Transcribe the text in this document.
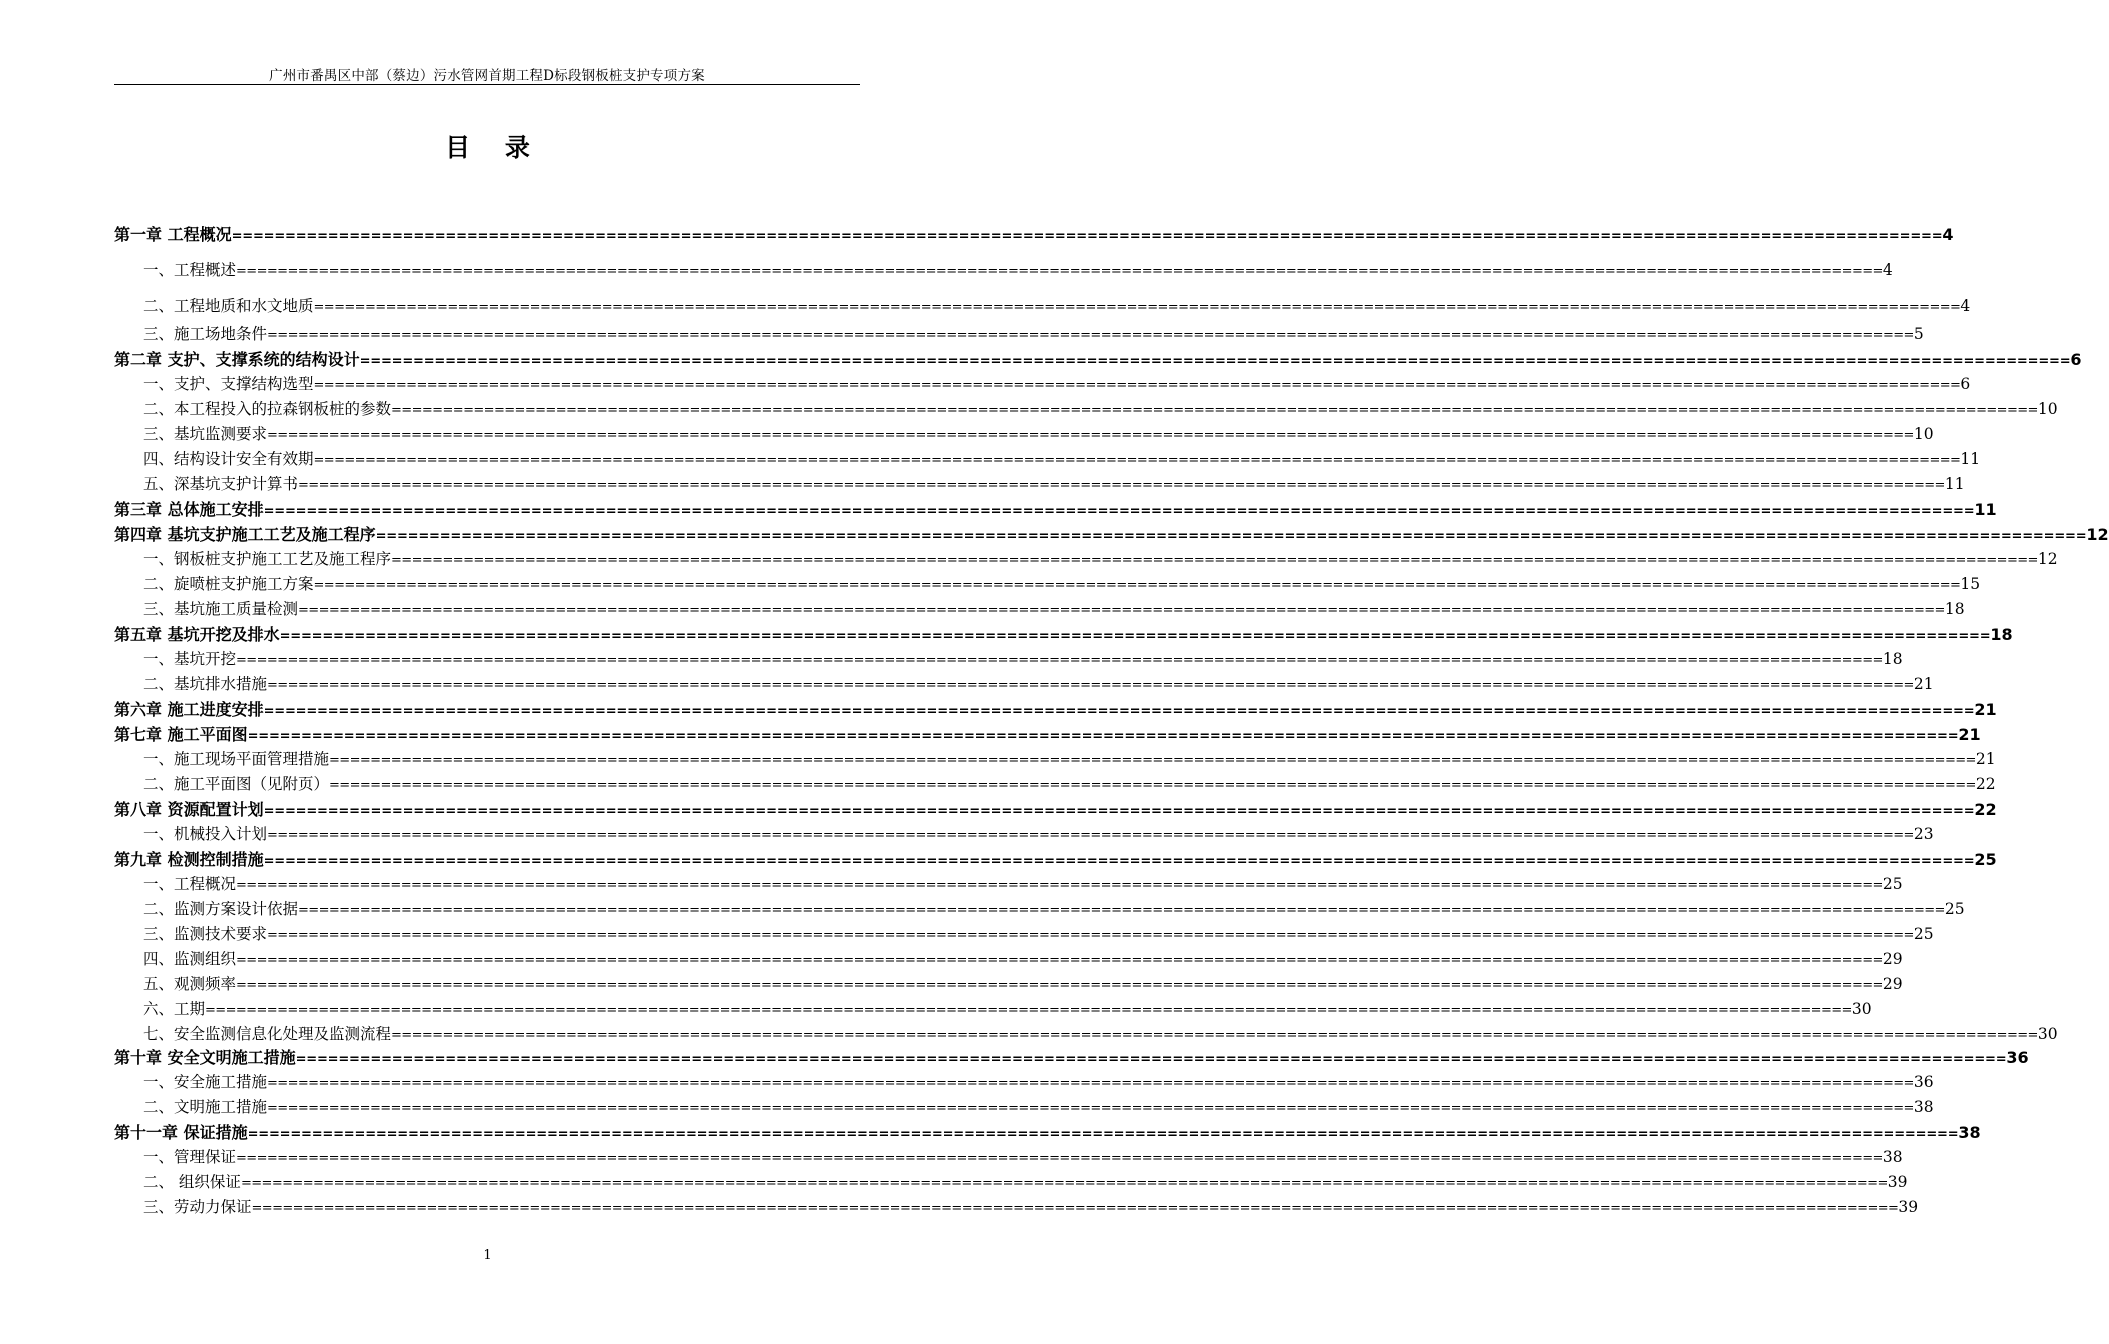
广州市番禺区中部（蔡边）污水管网首期工程D标段钢板桩支护专项方案
目 录
第一章 工程概况 ================================================================================================================================================================ 4
一、工程概述 ================================================================================================================================================================ 4
二、工程地质和水文地质 ================================================================================================================================================================ 4
三、施工场地条件 ================================================================================================================================================================ 5
第二章 支护、支撑系统的结构设计 ================================================================================================================================================================ 6
一、支护、支撑结构选型 ================================================================================================================================================================ 6
二、本工程投入的拉森钢板桩的参数 ================================================================================================================================================================ 10
三、基坑监测要求 ================================================================================================================================================================ 10
四、结构设计安全有效期 ================================================================================================================================================================ 11
五、深基坑支护计算书 ================================================================================================================================================================ 11
第三章 总体施工安排 ================================================================================================================================================================ 11
第四章 基坑支护施工工艺及施工程序 ================================================================================================================================================================ 12
一、钢板桩支护施工工艺及施工程序 ================================================================================================================================================================ 12
二、旋喷桩支护施工方案 ================================================================================================================================================================ 15
三、基坑施工质量检测 ================================================================================================================================================================ 18
第五章 基坑开挖及排水 ================================================================================================================================================================ 18
一、基坑开挖 ================================================================================================================================================================ 18
二、基坑排水措施 ================================================================================================================================================================ 21
第六章 施工进度安排 ================================================================================================================================================================ 21
第七章 施工平面图 ================================================================================================================================================================ 21
一、施工现场平面管理措施 ================================================================================================================================================================ 21
二、施工平面图（见附页） ================================================================================================================================================================ 22
第八章 资源配置计划 ================================================================================================================================================================ 22
一、机械投入计划 ================================================================================================================================================================ 23
第九章 检测控制措施 ================================================================================================================================================================ 25
一、工程概况 ================================================================================================================================================================ 25
二、监测方案设计依据 ================================================================================================================================================================ 25
三、监测技术要求 ================================================================================================================================================================ 25
四、监测组织 ================================================================================================================================================================ 29
五、观测频率 ================================================================================================================================================================ 29
六、工期 ================================================================================================================================================================ 30
七、安全监测信息化处理及监测流程 ================================================================================================================================================================ 30
第十章 安全文明施工措施 ================================================================================================================================================================ 36
一、安全施工措施 ================================================================================================================================================================ 36
二、文明施工措施 ================================================================================================================================================================ 38
第十一章 保证措施 ================================================================================================================================================================ 38
一、管理保证 ================================================================================================================================================================ 38
二、 组织保证 ================================================================================================================================================================ 39
三、劳动力保证 ================================================================================================================================================================ 39
1
